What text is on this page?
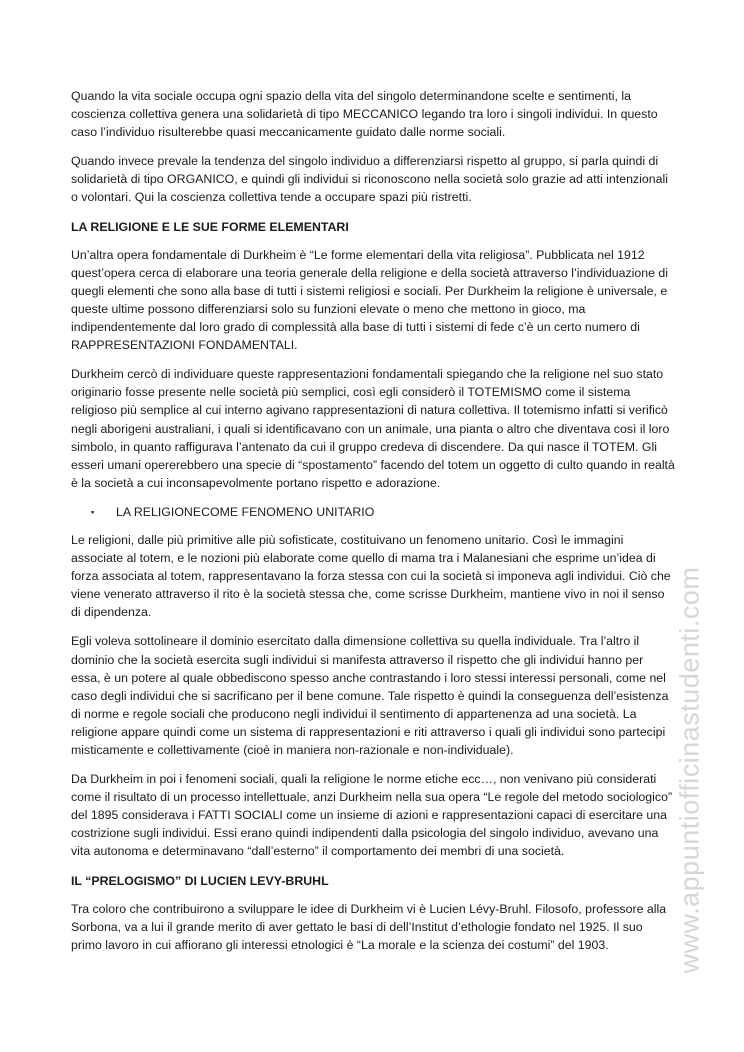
Quando la vita sociale occupa ogni spazio della vita del singolo determinandone scelte e sentimenti, la coscienza collettiva genera una solidarietà di tipo MECCANICO legando tra loro i singoli individui. In questo caso l’individuo risulterebbe quasi meccanicamente guidato dalle norme sociali.

Quando invece prevale la tendenza del singolo individuo a differenziarsi rispetto al gruppo, si parla quindi di solidarietà di tipo ORGANICO, e quindi gli individui si riconoscono nella società solo grazie ad atti intenzionali o volontari. Qui la coscienza collettiva tende a occupare spazi più ristretti.

LA RELIGIONE E LE SUE FORME ELEMENTARI

Un’altra opera fondamentale di Durkheim è “Le forme elementari della vita religiosa”. Pubblicata nel 1912 quest’opera cerca di elaborare una teoria generale della religione e della società attraverso l’individuazione di quegli elementi che sono alla base di tutti i sistemi religiosi e sociali. Per Durkheim la religione è universale, e queste ultime possono differenziarsi solo su funzioni elevate o meno che mettono in gioco, ma indipendentemente dal loro grado di complessità alla base di tutti i sistemi di fede c’è un certo numero di RAPPRESENTAZIONI FONDAMENTALI.

Durkheim cercò di individuare queste rappresentazioni fondamentali spiegando che la religione nel suo stato originario fosse presente nelle società più semplici, così egli considerò il TOTEMISMO come il sistema religioso più semplice al cui interno agivano rappresentazioni di natura collettiva. Il totemismo infatti si verificò negli aborigeni australiani, i quali si identificavano con un animale, una pianta o altro che diventava così il loro simbolo, in quanto raffigurava l’antenato da cui il gruppo credeva di discendere. Da qui nasce il TOTEM. Gli esseri umani opererebbero una specie di “spostamento” facendo del totem un oggetto di culto quando in realtà è la società a cui inconsapevolmente portano rispetto e adorazione.

▪	LA RELIGIONECOME FENOMENO UNITARIO

Le religioni, dalle più primitive alle più sofisticate, costituivano un fenomeno unitario. Così le immagini associate al totem, e le nozioni più elaborate come quello di mama tra i Malanesiani che esprime un’idea di forza associata al totem, rappresentavano la forza stessa con cui la società si imponeva agli individui. Ciò che viene venerato attraverso il rito è la società stessa che, come scrisse Durkheim, mantiene vivo in noi il senso di dipendenza.

Egli voleva sottolineare il dominio esercitato dalla dimensione collettiva su quella individuale. Tra l’altro il dominio che la società esercita sugli individui si manifesta attraverso il rispetto che gli individui hanno per essa, è un potere al quale obbediscono spesso anche contrastando i loro stessi interessi personali, come nel caso degli individui che si sacrificano per il bene comune. Tale rispetto è quindi la conseguenza dell’esistenza di norme e regole sociali che producono negli individui il sentimento di appartenenza ad una società. La religione appare quindi come un sistema di rappresentazioni e riti attraverso i quali gli individui sono partecipi misticamente e collettivamente (cioè in maniera non-razionale e non-individuale).

Da Durkheim in poi i fenomeni sociali, quali la religione le norme etiche ecc…, non venivano più considerati come il risultato di un processo intellettuale, anzi Durkheim nella sua opera “Le regole del metodo sociologico” del 1895 considerava i FATTI SOCIALI come un insieme di azioni e rappresentazioni capaci di esercitare una costrizione sugli individui. Essi erano quindi indipendenti dalla psicologia del singolo individuo, avevano una vita autonoma e determinavano “dall’esterno” il comportamento dei membri di una società.

IL “PRELOGISMO” DI LUCIEN LEVY-BRUHL

Tra coloro che contribuirono a sviluppare le idee di Durkheim vi è Lucien Lévy-Bruhl. Filosofo, professore alla Sorbona, va a lui il grande merito di aver gettato le basi di dell’Institut d’ethologie fondato nel 1925. Il suo primo lavoro in cui affiorano gli interessi etnologici è “La morale e la scienza dei costumi” del 1903.	www.appuntiofficinastudenti.com
